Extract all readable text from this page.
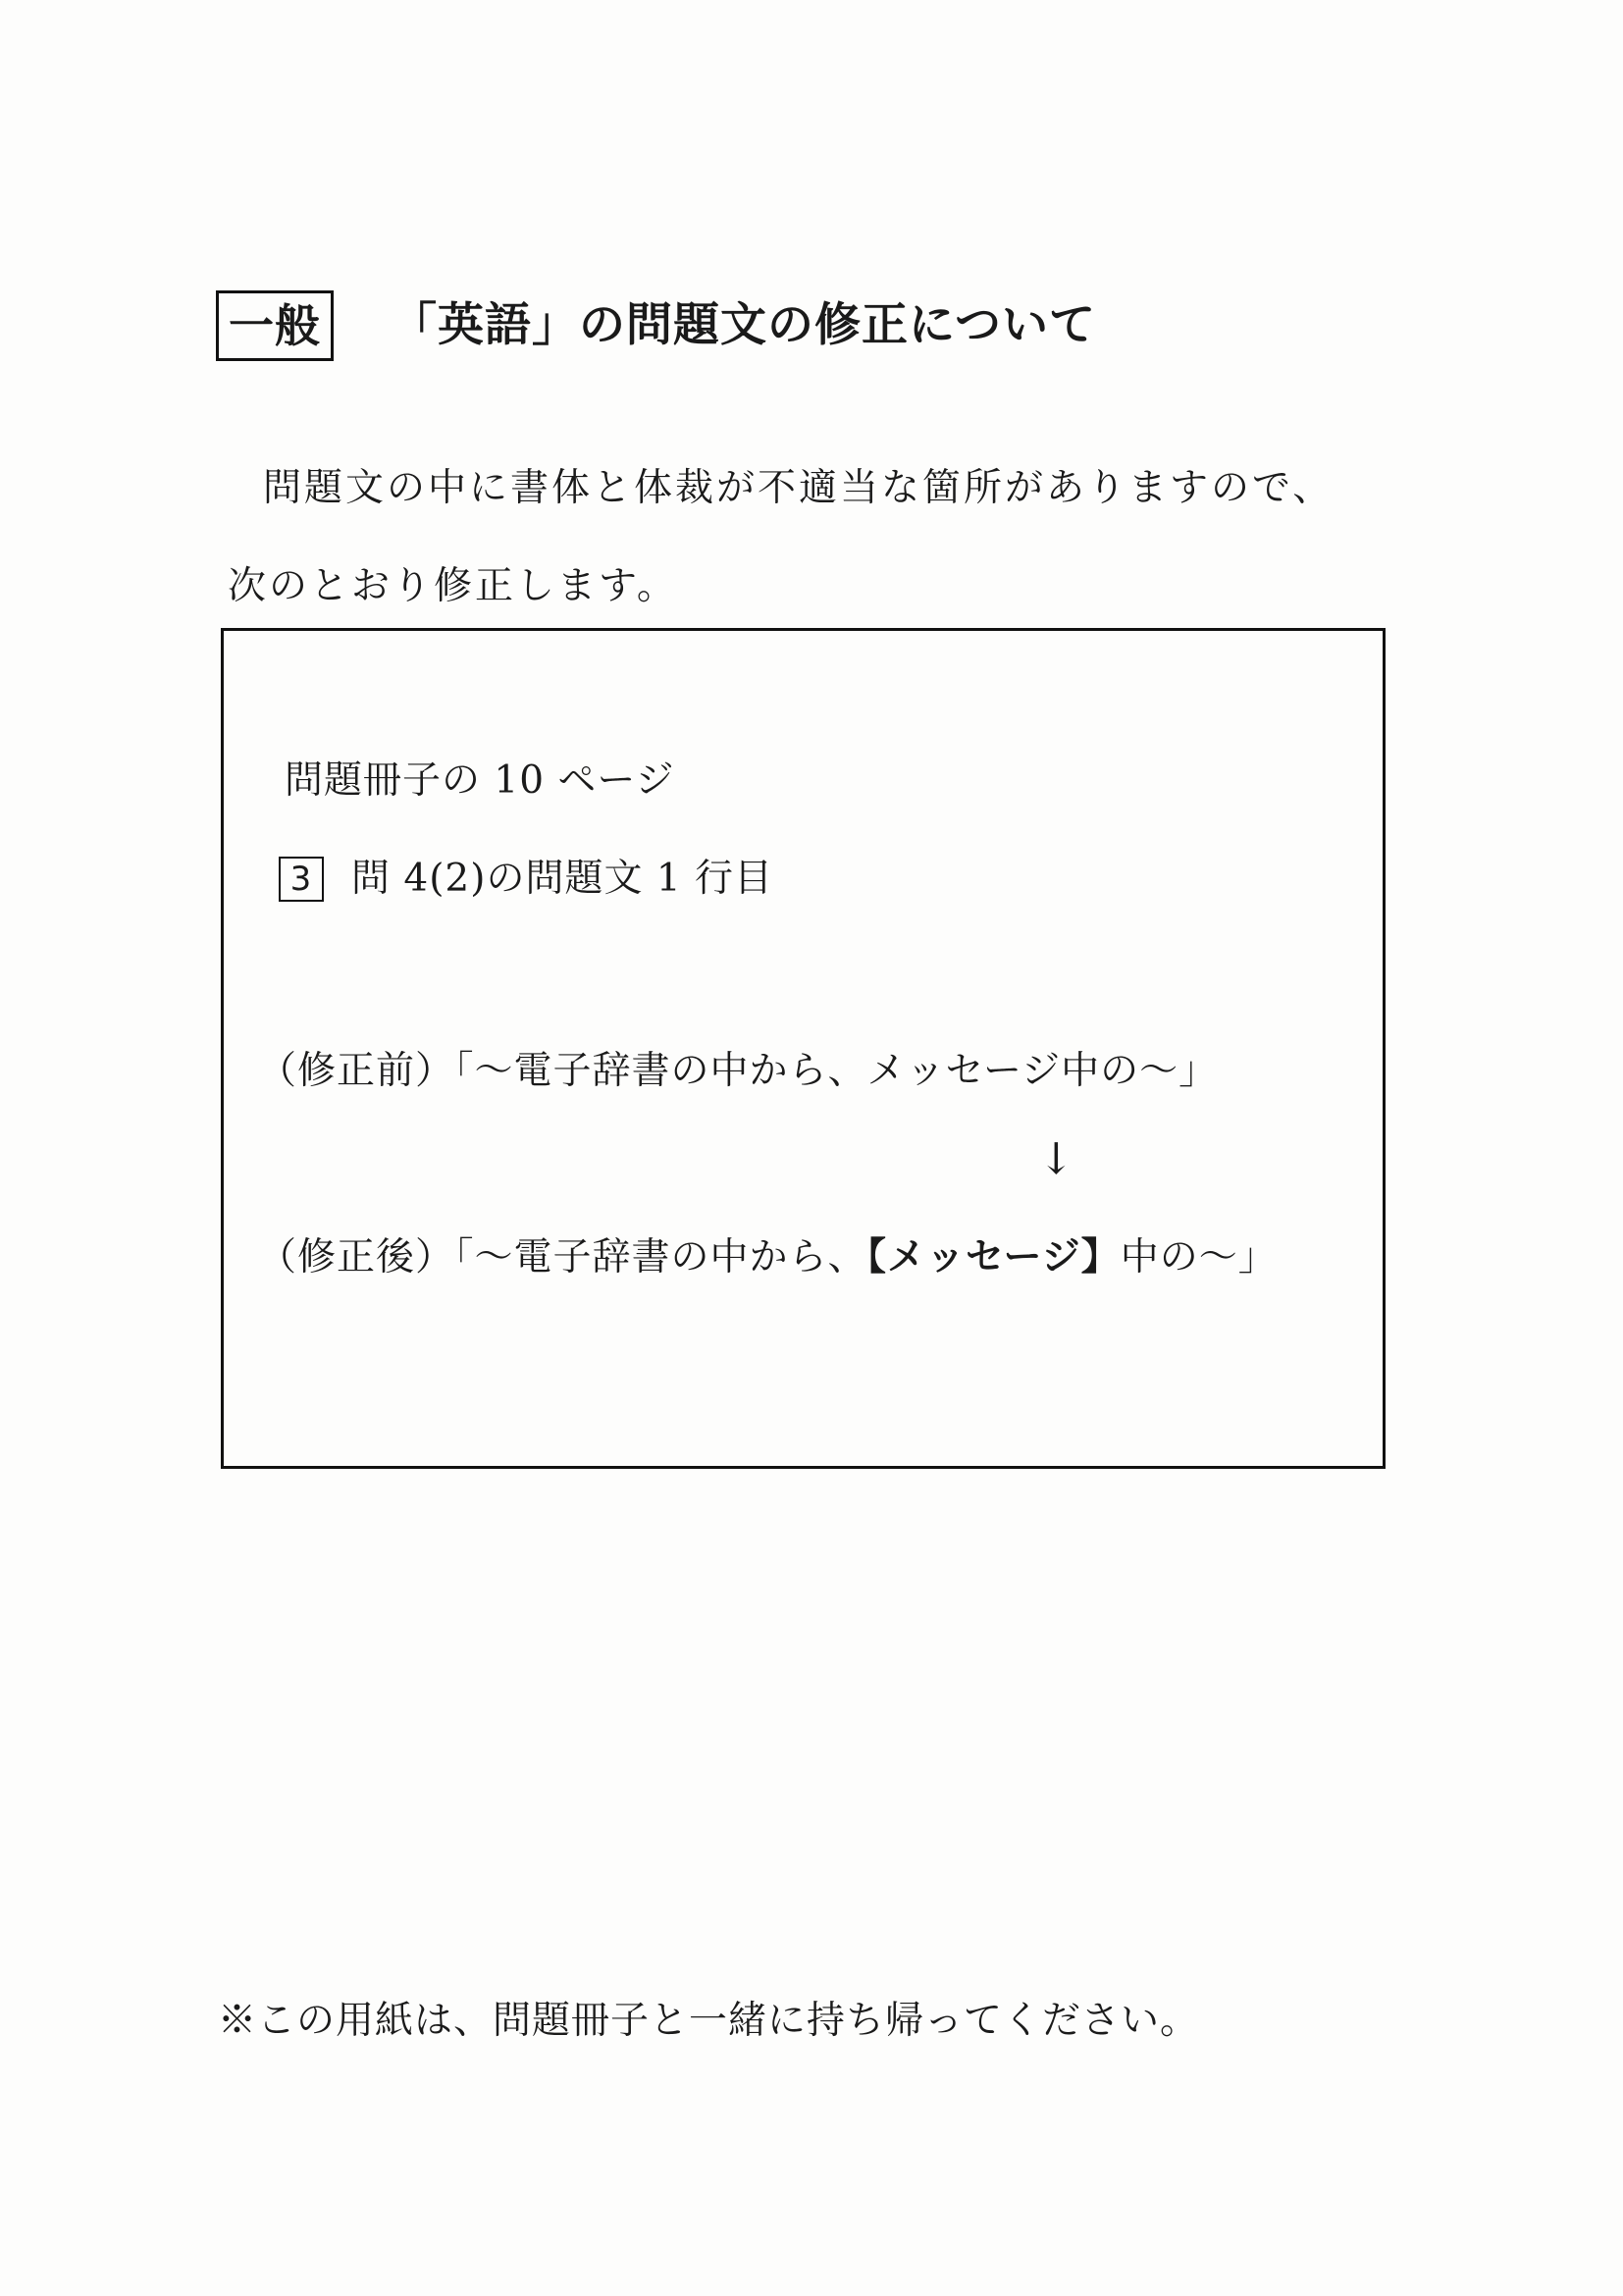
一般 「英語」の問題文の修正について
問題文の中に書体と体裁が不適当な箇所がありますので、次のとおり修正します。
問題冊子の 10 ページ
3 問 4(2)の問題文 1 行目
（修正前）「～電子辞書の中から、メッセージ中の～」
↓
（修正後）「～電子辞書の中から、【メッセージ】中の～」
※この用紙は、問題冊子と一緒に持ち帰ってください。
